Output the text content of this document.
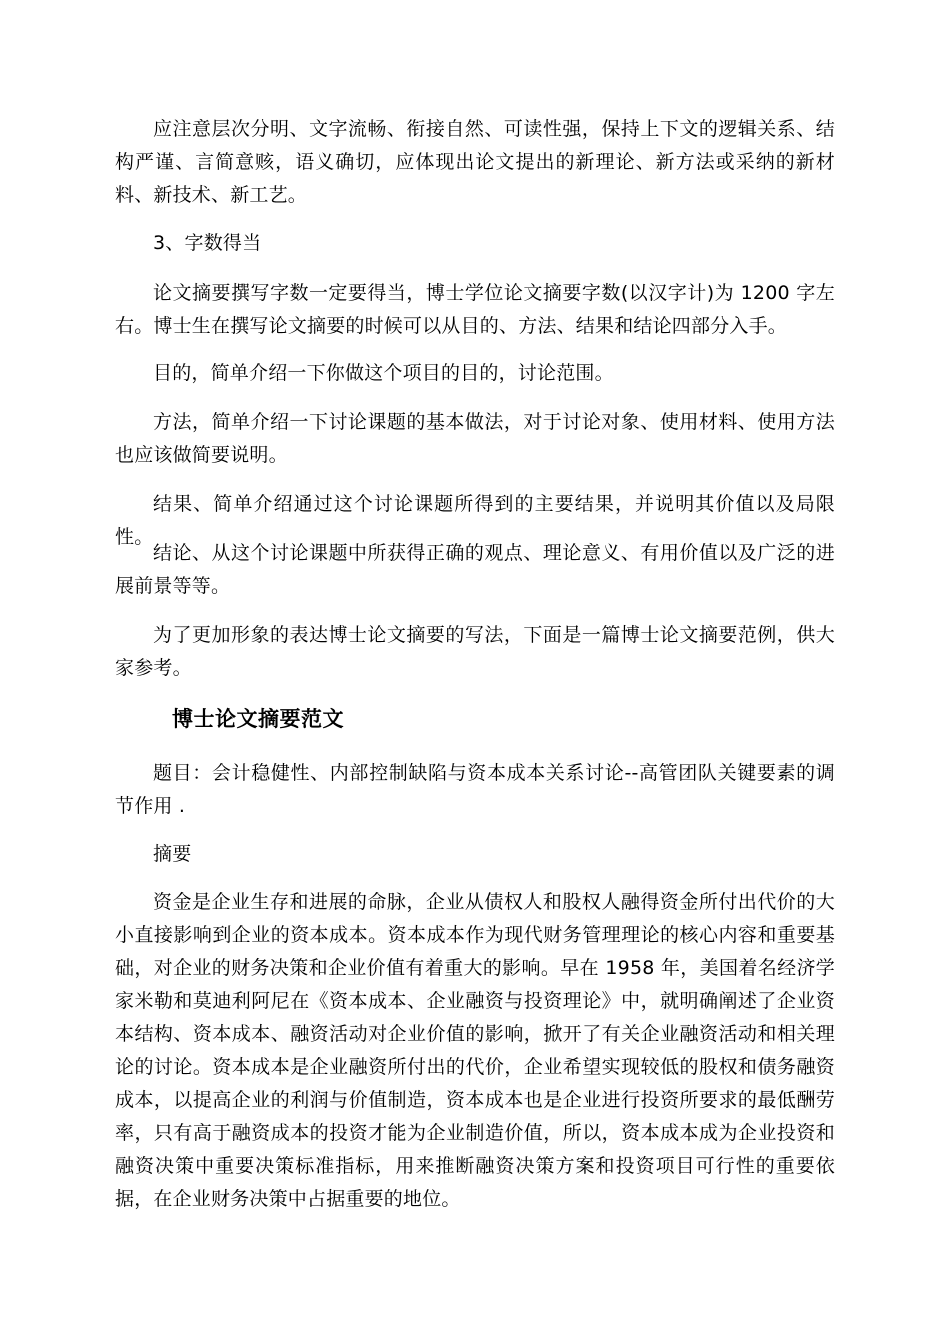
应注意层次分明、文字流畅、衔接自然、可读性强，保持上下文的逻辑关系、结构严谨、言简意赅，语义确切，应体现出论文提出的新理论、新方法或采纳的新材料、新技术、新工艺。

3、字数得当

论文摘要撰写字数一定要得当，博士学位论文摘要字数(以汉字计)为 1200 字左右。博士生在撰写论文摘要的时候可以从目的、方法、结果和结论四部分入手。

目的，简单介绍一下你做这个项目的目的，讨论范围。

方法，简单介绍一下讨论课题的基本做法，对于讨论对象、使用材料、使用方法也应该做简要说明。

结果、简单介绍通过这个讨论课题所得到的主要结果，并说明其价值以及局限性。

结论、从这个讨论课题中所获得正确的观点、理论意义、有用价值以及广泛的进展前景等等。

为了更加形象的表达博士论文摘要的写法，下面是一篇博士论文摘要范例，供大家参考。

博士论文摘要范文

题目：会计稳健性、内部控制缺陷与资本成本关系讨论--高管团队关键要素的调节作用 .

摘要

资金是企业生存和进展的命脉，企业从债权人和股权人融得资金所付出代价的大小直接影响到企业的资本成本。资本成本作为现代财务管理理论的核心内容和重要基础，对企业的财务决策和企业价值有着重大的影响。早在 1958 年，美国着名经济学家米勒和莫迪利阿尼在《资本成本、企业融资与投资理论》中，就明确阐述了企业资本结构、资本成本、融资活动对企业价值的影响，掀开了有关企业融资活动和相关理论的讨论。资本成本是企业融资所付出的代价，企业希望实现较低的股权和债务融资成本，以提高企业的利润与价值制造，资本成本也是企业进行投资所要求的最低酬劳率，只有高于融资成本的投资才能为企业制造价值，所以，资本成本成为企业投资和融资决策中重要决策标准指标，用来推断融资决策方案和投资项目可行性的重要依据，在企业财务决策中占据重要的地位。
